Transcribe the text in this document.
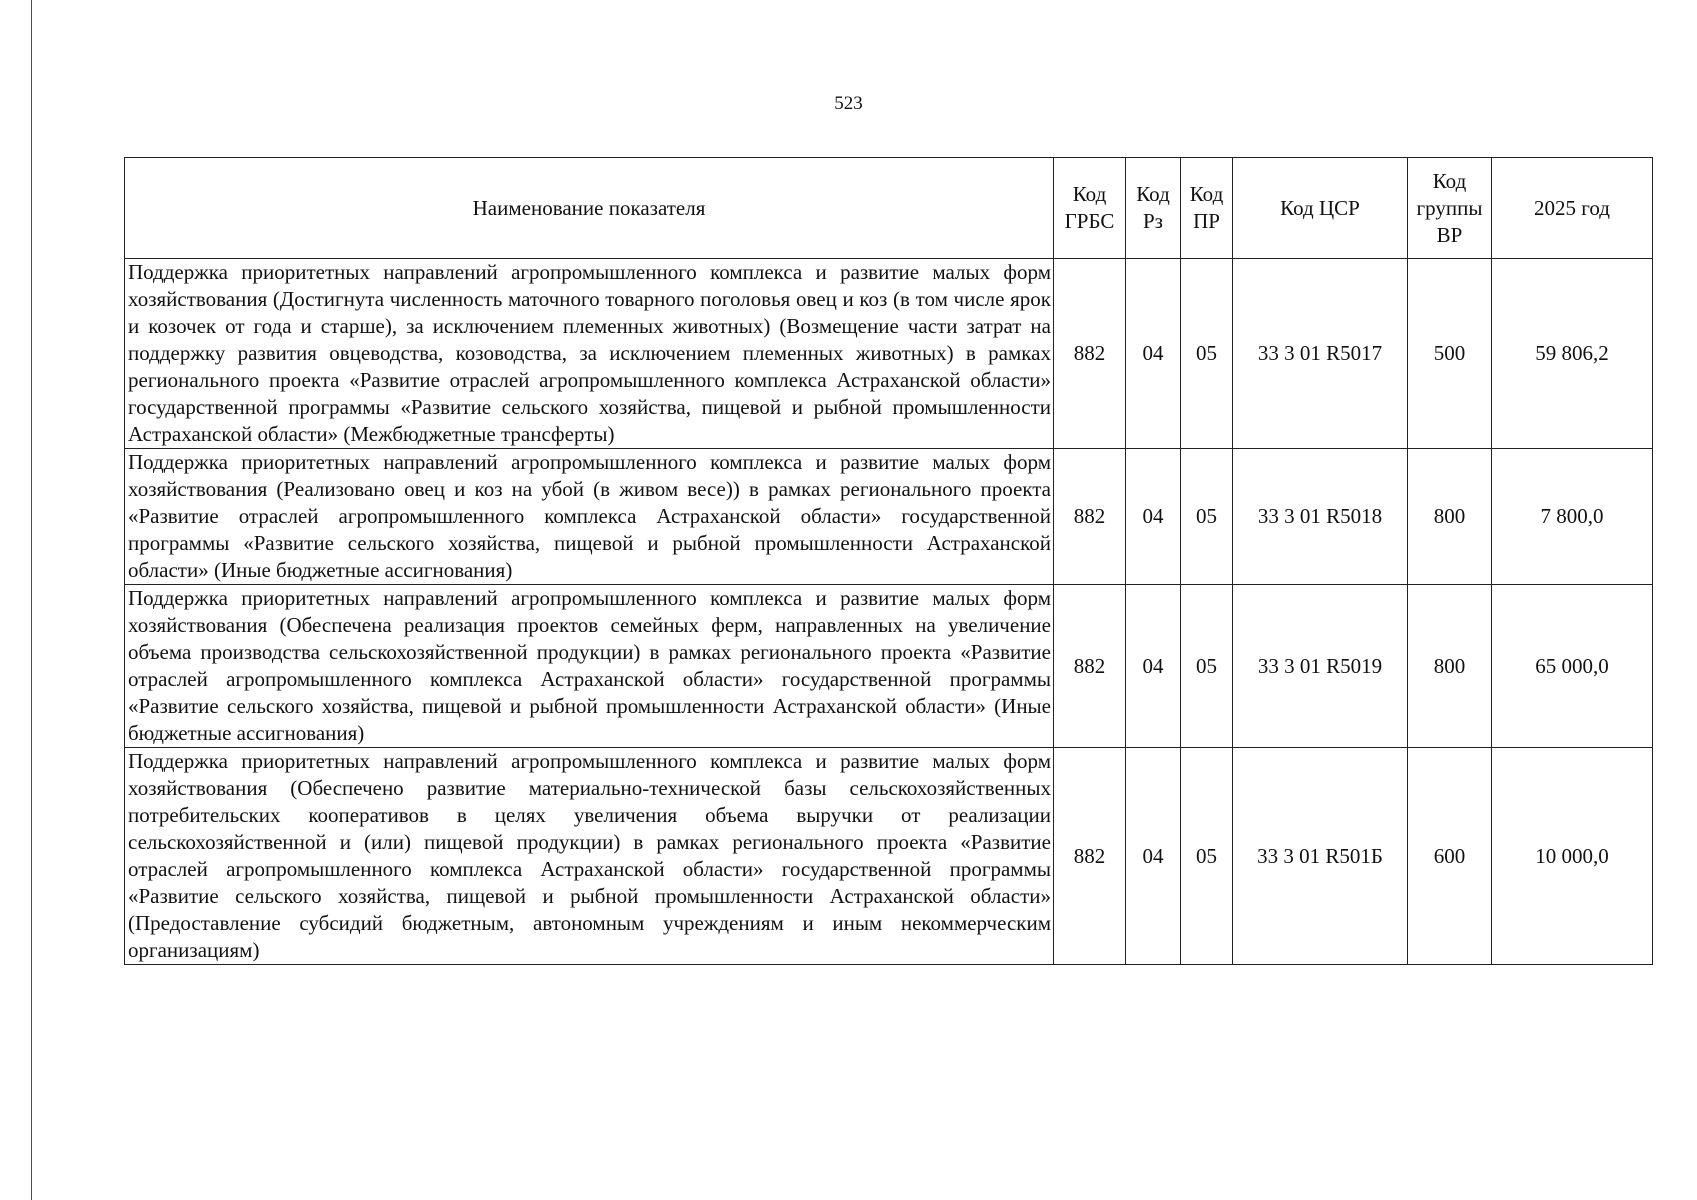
523
Наименование показателя	Код ГРБС	Код Рз	Код ПР	Код ЦСР	Код группы ВР	2025 год
Поддержка приоритетных направлений агропромышленного комплекса и развитие малых форм хозяйствования (Достигнута численность маточного товарного поголовья овец и коз (в том числе ярок и козочек от года и старше), за исключением племенных животных) (Возмещение части затрат на поддержку развития овцеводства, козоводства, за исключением племенных животных) в рамках регионального проекта «Развитие отраслей агропромышленного комплекса Астраханской области» государственной программы «Развитие сельского хозяйства, пищевой и рыбной промышленности Астраханской области» (Межбюджетные трансферты)	882	04	05	33 3 01 R5017	500	59 806,2
Поддержка приоритетных направлений агропромышленного комплекса и развитие малых форм хозяйствования (Реализовано овец и коз на убой (в живом весе)) в рамках регионального проекта «Развитие отраслей агропромышленного комплекса Астраханской области» государственной программы «Развитие сельского хозяйства, пищевой и рыбной промышленности Астраханской области» (Иные бюджетные ассигнования)	882	04	05	33 3 01 R5018	800	7 800,0
Поддержка приоритетных направлений агропромышленного комплекса и развитие малых форм хозяйствования (Обеспечена реализация проектов семейных ферм, направленных на увеличение объема производства сельскохозяйственной продукции) в рамках регионального проекта «Развитие отраслей агропромышленного комплекса Астраханской области» государственной программы «Развитие сельского хозяйства, пищевой и рыбной промышленности Астраханской области» (Иные бюджетные ассигнования)	882	04	05	33 3 01 R5019	800	65 000,0
Поддержка приоритетных направлений агропромышленного комплекса и развитие малых форм хозяйствования (Обеспечено развитие материально-технической базы сельскохозяйственных потребительских кооперативов в целях увеличения объема выручки от реализации сельскохозяйственной и (или) пищевой продукции) в рамках регионального проекта «Развитие отраслей агропромышленного комплекса Астраханской области» государственной программы «Развитие сельского хозяйства, пищевой и рыбной промышленности Астраханской области» (Предоставление субсидий бюджетным, автономным учреждениям и иным некоммерческим организациям)	882	04	05	33 3 01 R501Б	600	10 000,0
